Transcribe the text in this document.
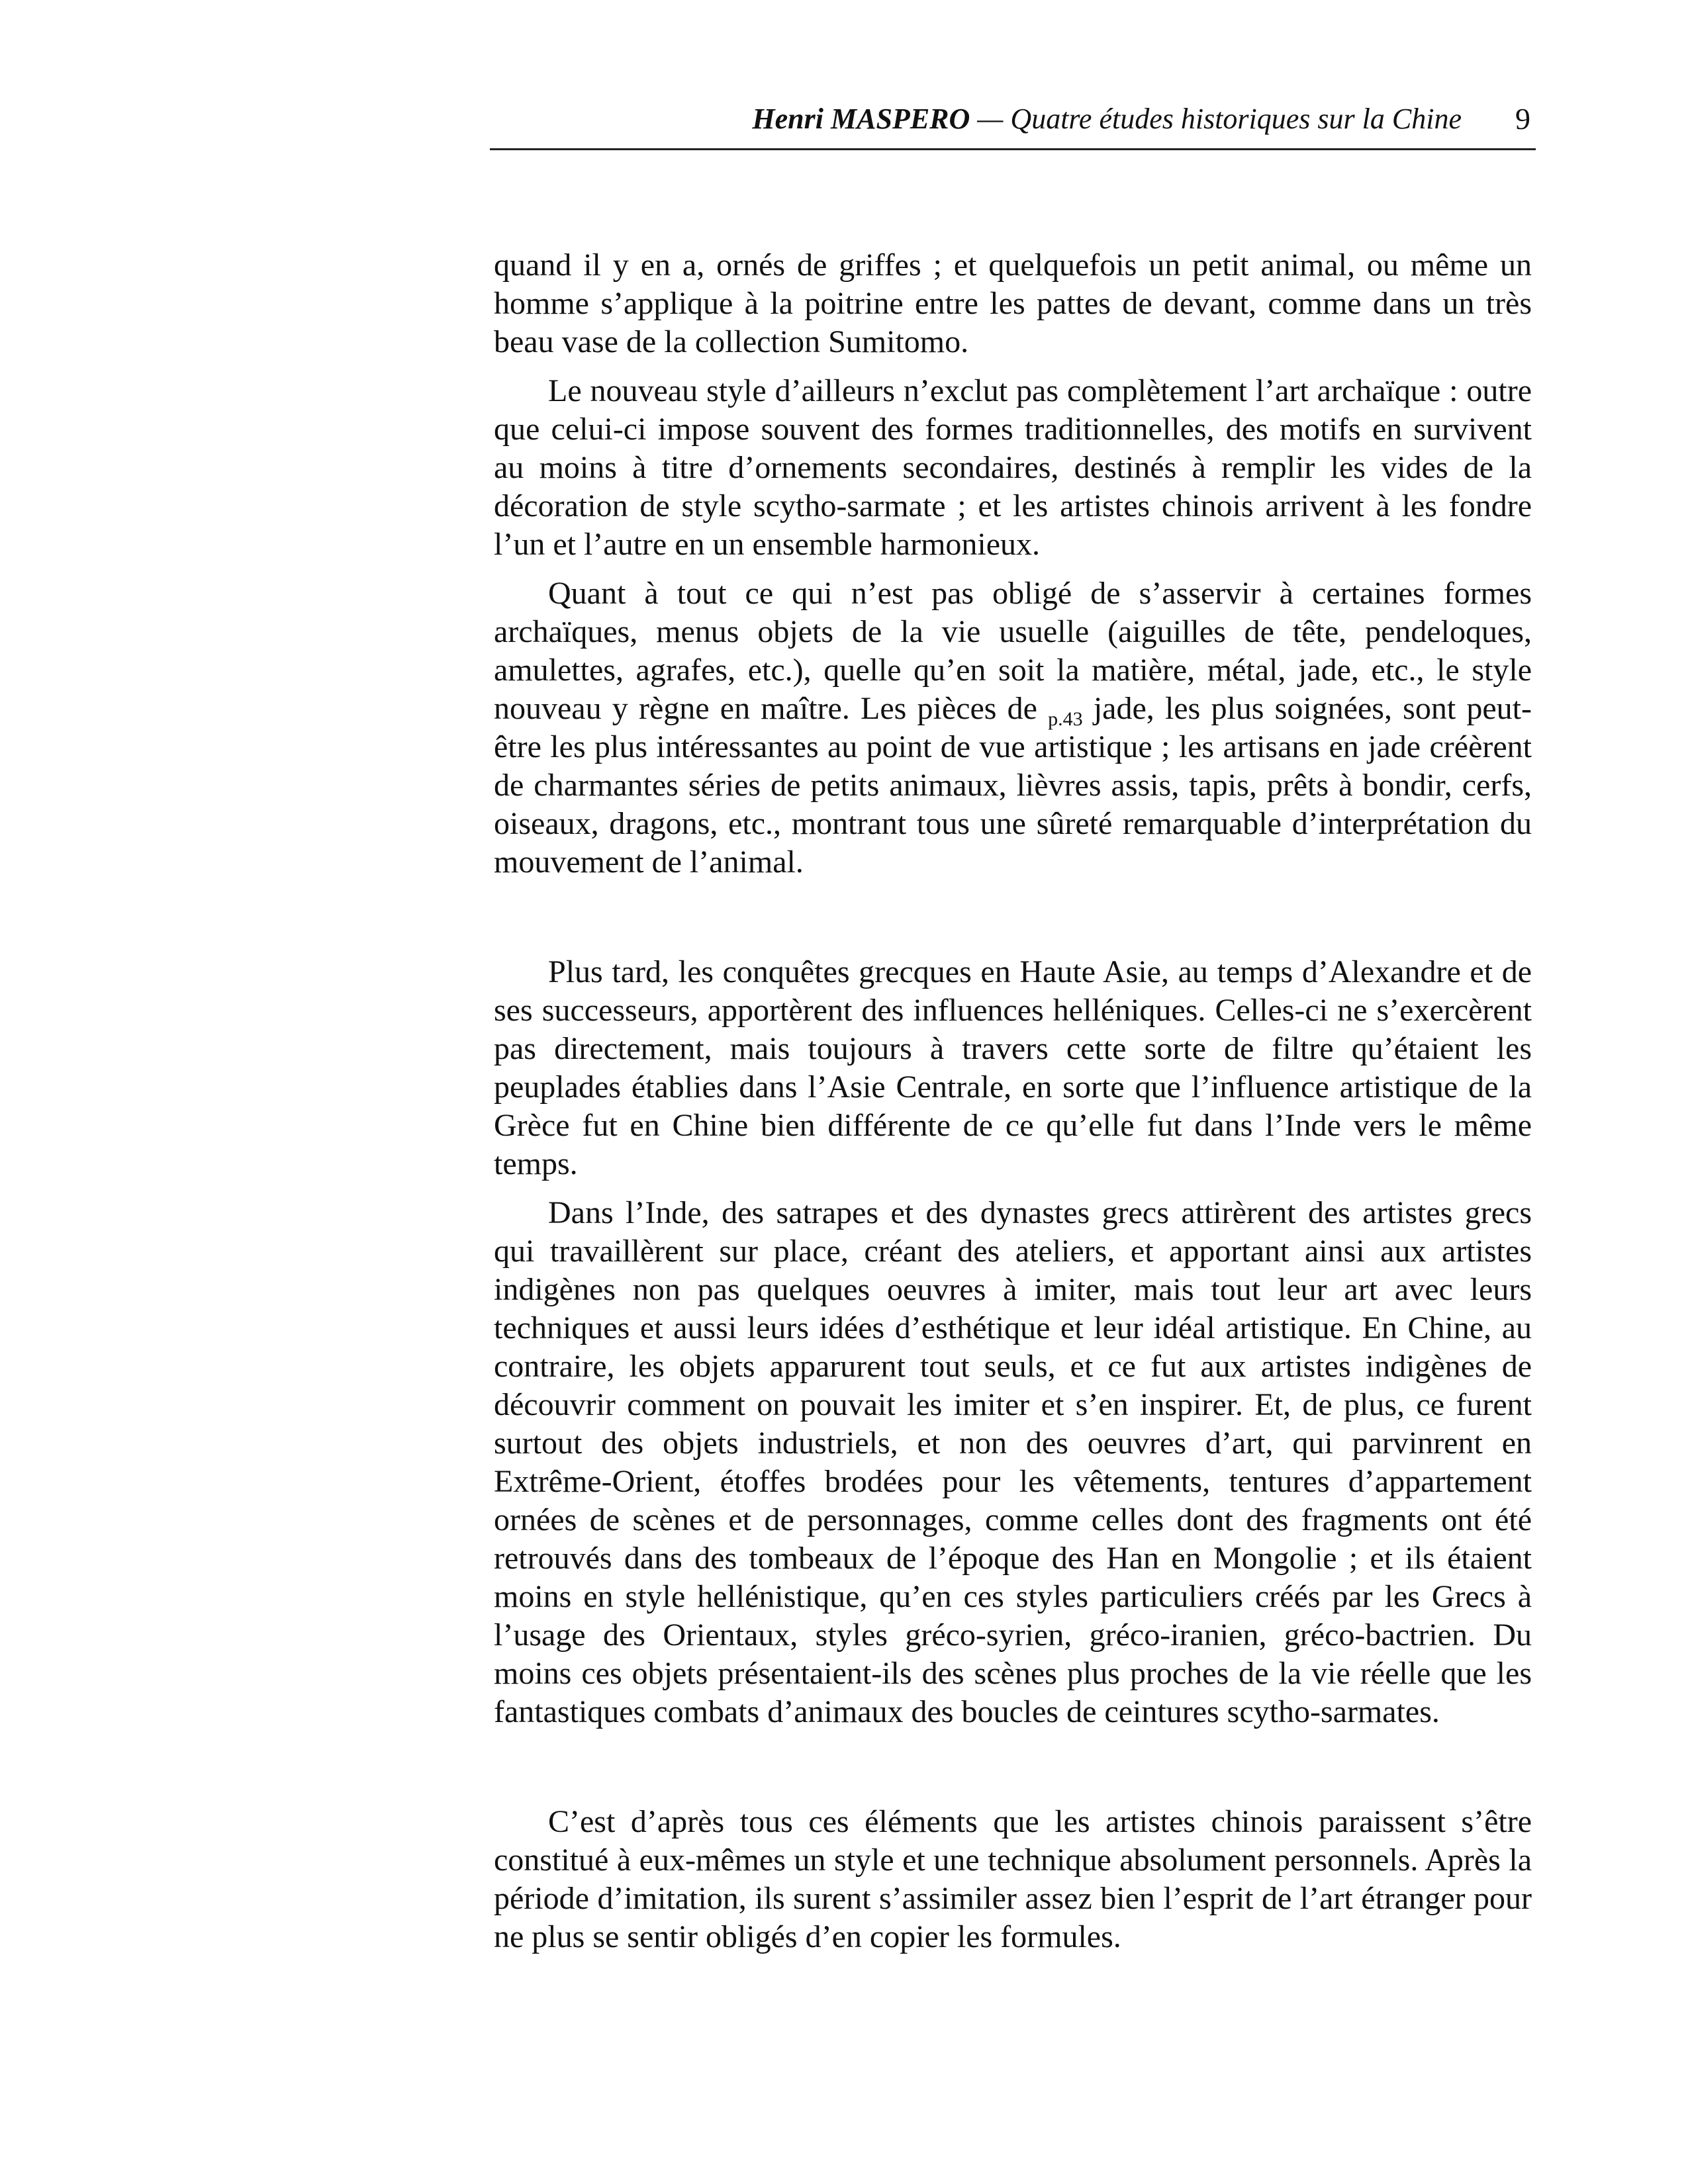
Henri MASPERO — Quatre études historiques sur la Chine 9

quand il y en a, ornés de griffes ; et quelquefois un petit animal, ou même un homme s’applique à la poitrine entre les pattes de devant, comme dans un très beau vase de la collection Sumitomo.

Le nouveau style d’ailleurs n’exclut pas complètement l’art archaïque : outre que celui-ci impose souvent des formes traditionnelles, des motifs en survivent au moins à titre d’ornements secondaires, destinés à remplir les vides de la décoration de style scytho-sarmate ; et les artistes chinois arrivent à les fondre l’un et l’autre en un ensemble harmonieux.

Quant à tout ce qui n’est pas obligé de s’asservir à certaines formes archaïques, menus objets de la vie usuelle (aiguilles de tête, pendeloques, amulettes, agrafes, etc.), quelle qu’en soit la matière, métal, jade, etc., le style nouveau y règne en maître. Les pièces de $_{p.43}$ jade, les plus soignées, sont peut-être les plus intéressantes au point de vue artistique ; les artisans en jade créèrent de charmantes séries de petits animaux, lièvres assis, tapis, prêts à bondir, cerfs, oiseaux, dragons, etc., montrant tous une sûreté remarquable d’interprétation du mouvement de l’animal.

Plus tard, les conquêtes grecques en Haute Asie, au temps d’Alexandre et de ses successeurs, apportèrent des influences helléniques. Celles-ci ne s’exercèrent pas directement, mais toujours à travers cette sorte de filtre qu’étaient les peuplades établies dans l’Asie Centrale, en sorte que l’influence artistique de la Grèce fut en Chine bien différente de ce qu’elle fut dans l’Inde vers le même temps.

Dans l’Inde, des satrapes et des dynastes grecs attirèrent des artistes grecs qui travaillèrent sur place, créant des ateliers, et apportant ainsi aux artistes indigènes non pas quelques oeuvres à imiter, mais tout leur art avec leurs techniques et aussi leurs idées d’esthétique et leur idéal artistique. En Chine, au contraire, les objets apparurent tout seuls, et ce fut aux artistes indigènes de découvrir comment on pouvait les imiter et s’en inspirer. Et, de plus, ce furent surtout des objets industriels, et non des oeuvres d’art, qui parvinrent en Extrême-Orient, étoffes brodées pour les vêtements, tentures d’appartement ornées de scènes et de personnages, comme celles dont des fragments ont été retrouvés dans des tombeaux de l’époque des Han en Mongolie ; et ils étaient moins en style hellénistique, qu’en ces styles particuliers créés par les Grecs à l’usage des Orientaux, styles gréco-syrien, gréco-iranien, gréco-bactrien. Du moins ces objets présentaient-ils des scènes plus proches de la vie réelle que les fantastiques combats d’animaux des boucles de ceintures scytho-sarmates.

C’est d’après tous ces éléments que les artistes chinois paraissent s’être constitué à eux-mêmes un style et une technique absolument personnels. Après la période d’imitation, ils surent s’assimiler assez bien l’esprit de l’art étranger pour ne plus se sentir obligés d’en copier les formules.
